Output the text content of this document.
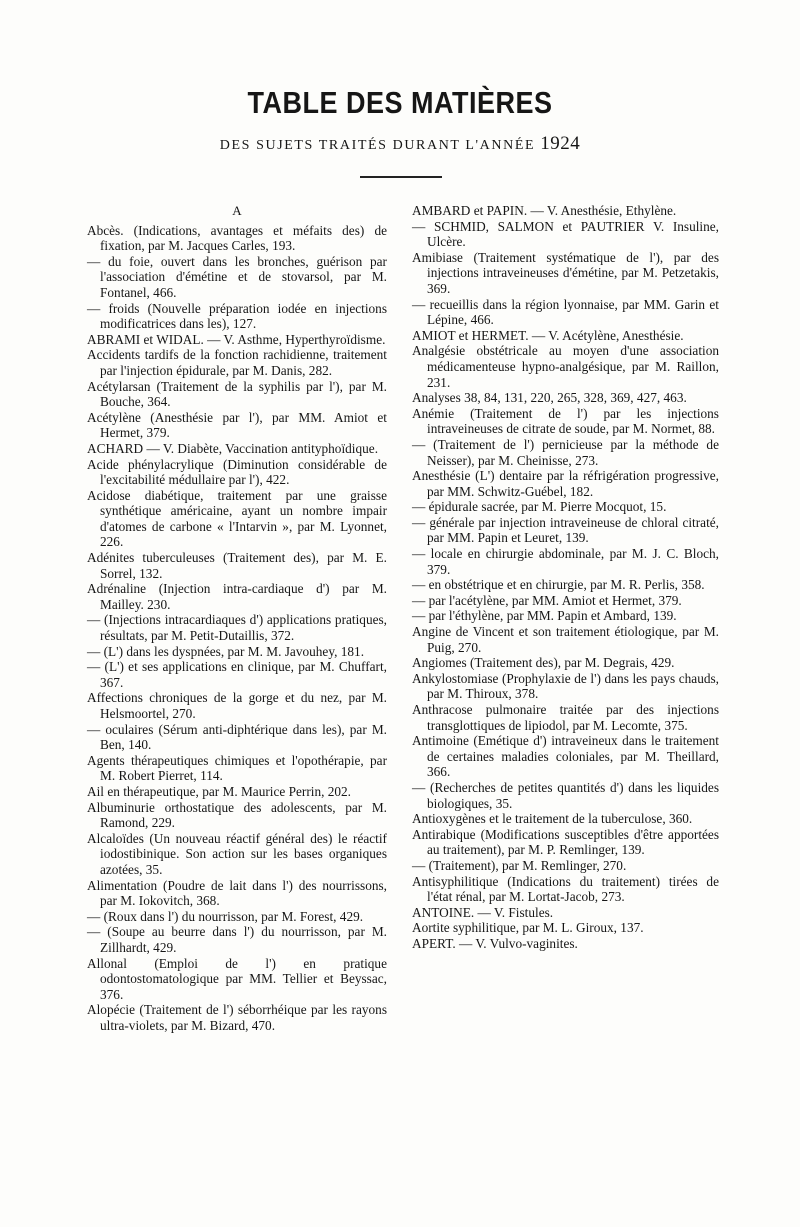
TABLE DES MATIÈRES

DES SUJETS TRAITÉS DURANT L'ANNÉE 1924

A
Abcès. (Indications, avantages et méfaits des) de fixation, par M. Jacques Carles, 193.
— du foie, ouvert dans les bronches, guérison par l'association d'émétine et de stovarsol, par M. Fontanel, 466.
— froids (Nouvelle préparation iodée en injections modificatrices dans les), 127.
ABRAMI et WIDAL. — V. Asthme, Hyperthyroïdisme.
Accidents tardifs de la fonction rachidienne, traitement par l'injection épidurale, par M. Danis, 282.
Acétylarsan (Traitement de la syphilis par l'), par M. Bouche, 364.
Acétylène (Anesthésie par l'), par MM. Amiot et Hermet, 379.
ACHARD — V. Diabète, Vaccination antityphoïdique.
Acide phénylacrylique (Diminution considérable de l'excitabilité médullaire par l'), 422.
Acidose diabétique, traitement par une graisse synthétique américaine, ayant un nombre impair d'atomes de carbone « l'Intarvin », par M. Lyonnet, 226.
Adénites tuberculeuses (Traitement des), par M. E. Sorrel, 132.
Adrénaline (Injection intra-cardiaque d') par M. Mailley. 230.
— (Injections intracardiaques d') applications pratiques, résultats, par M. Petit-Dutaillis, 372.
— (L') dans les dyspnées, par M. M. Javouhey, 181.
— (L') et ses applications en clinique, par M. Chuffart, 367.
Affections chroniques de la gorge et du nez, par M. Helsmoortel, 270.
— oculaires (Sérum anti-diphtérique dans les), par M. Ben, 140.
Agents thérapeutiques chimiques et l'opothérapie, par M. Robert Pierret, 114.
Ail en thérapeutique, par M. Maurice Perrin, 202.
Albuminurie orthostatique des adolescents, par M. Ramond, 229.
Alcaloïdes (Un nouveau réactif général des) le réactif iodostibinique. Son action sur les bases organiques azotées, 35.
Alimentation (Poudre de lait dans l') des nourrissons, par M. Iokovitch, 368.
— (Roux dans l') du nourrisson, par M. Forest, 429.
— (Soupe au beurre dans l') du nourrisson, par M. Zillhardt, 429.
Allonal (Emploi de l') en pratique odontostomatologique par MM. Tellier et Beyssac, 376.
Alopécie (Traitement de l') séborrhéique par les rayons ultra-violets, par M. Bizard, 470.
AMBARD et PAPIN. — V. Anesthésie, Ethylène.
— SCHMID, SALMON et PAUTRIER V. Insuline, Ulcère.
Amibiase (Traitement systématique de l'), par des injections intraveineuses d'émétine, par M. Petzetakis, 369.
— recueillis dans la région lyonnaise, par MM. Garin et Lépine, 466.
AMIOT et HERMET. — V. Acétylène, Anesthésie.
Analgésie obstétricale au moyen d'une association médicamenteuse hypno-analgésique, par M. Raillon, 231.
Analyses 38, 84, 131, 220, 265, 328, 369, 427, 463.
Anémie (Traitement de l') par les injections intraveineuses de citrate de soude, par M. Normet, 88.
— (Traitement de l') pernicieuse par la méthode de Neisser), par M. Cheinisse, 273.
Anesthésie (L') dentaire par la réfrigération progressive, par MM. Schwitz-Guébel, 182.
— épidurale sacrée, par M. Pierre Mocquot, 15.
— générale par injection intraveineuse de chloral citraté, par MM. Papin et Leuret, 139.
— locale en chirurgie abdominale, par M. J. C. Bloch, 379.
— en obstétrique et en chirurgie, par M. R. Perlis, 358.
— par l'acétylène, par MM. Amiot et Hermet, 379.
— par l'éthylène, par MM. Papin et Ambard, 139.
Angine de Vincent et son traitement étiologique, par M. Puig, 270.
Angiomes (Traitement des), par M. Degrais, 429.
Ankylostomiase (Prophylaxie de l') dans les pays chauds, par M. Thiroux, 378.
Anthracose pulmonaire traitée par des injections transglottiques de lipiodol, par M. Lecomte, 375.
Antimoine (Emétique d') intraveineux dans le traitement de certaines maladies coloniales, par M. Theillard, 366.
— (Recherches de petites quantités d') dans les liquides biologiques, 35.
Antioxygènes et le traitement de la tuberculose, 360.
Antirabique (Modifications susceptibles d'être apportées au traitement), par M. P. Remlinger, 139.
— (Traitement), par M. Remlinger, 270.
Antisyphilitique (Indications du traitement) tirées de l'état rénal, par M. Lortat-Jacob, 273.
ANTOINE. — V. Fistules.
Aortite syphilitique, par M. L. Giroux, 137.
APERT. — V. Vulvo-vaginites.
